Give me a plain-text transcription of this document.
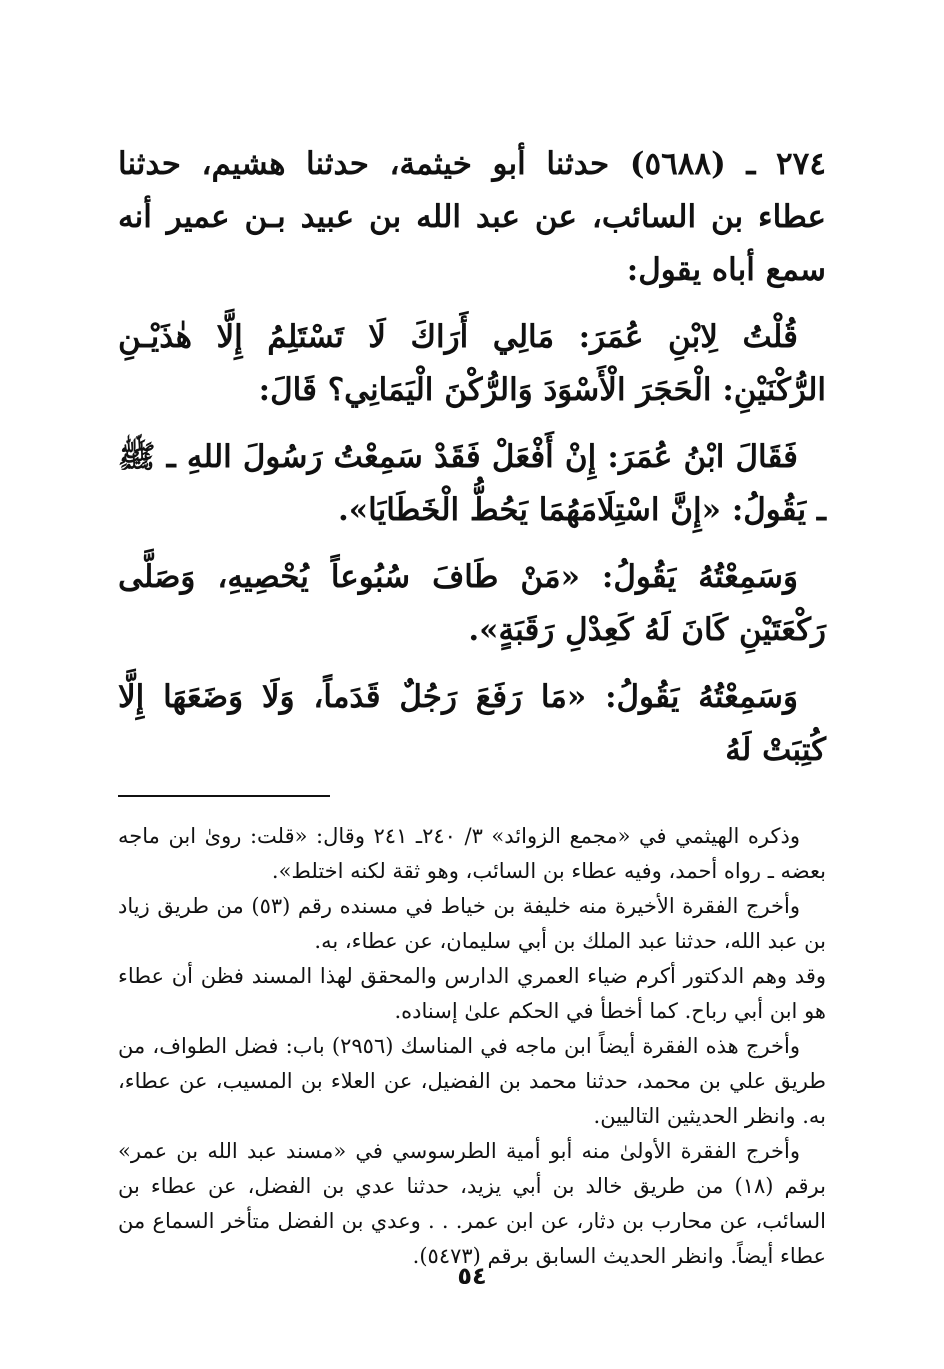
٢٧٤ ـ (٥٦٨٨) حدثنا أبو خيثمة، حدثنا هشيم، حدثنا عطاء بن السائب، عن عبد الله بن عبيد بـن عمير أنه سمع أباه يقول:

قُلْتُ لِابْنِ عُمَرَ: مَالِي أَرَاكَ لَا تَسْتَلِمُ إِلَّا هٰذَيْـنِ الرُّكْنَيْنِ: الْحَجَرَ الْأَسْوَدَ وَالرُّكْنَ الْيَمَانِي؟ قَالَ:

فَقَالَ ابْنُ عُمَرَ: إِنْ أَفْعَلْ فَقَدْ سَمِعْتُ رَسُولَ اللهِ ـ ﷺ ـ يَقُولُ: «إِنَّ اسْتِلَامَهُمَا يَحُطُّ الْخَطَايَا».

وَسَمِعْتُهُ يَقُولُ: «مَنْ طَافَ سُبُوعاً يُحْصِيهِ، وَصَلَّى رَكْعَتَيْنِ كَانَ لَهُ كَعِدْلِ رَقَبَةٍ».

وَسَمِعْتُهُ يَقُولُ: «مَا رَفَعَ رَجُلٌ قَدَماً، وَلَا وَضَعَهَا إِلَّا كُتِبَتْ لَهُ

وذكره الهيثمي في «مجمع الزوائد» ٣/ ٢٤٠ـ ٢٤١ وقال: «قلت: روىٰ ابن ماجه بعضه ـ رواه أحمد، وفيه عطاء بن السائب، وهو ثقة لكنه اختلط».

وأخرج الفقرة الأخيرة منه خليفة بن خياط في مسنده رقم (٥٣) من طريق زياد بن عبد الله، حدثنا عبد الملك بن أبي سليمان، عن عطاء، به.

وقد وهم الدكتور أكرم ضياء العمري الدارس والمحقق لهذا المسند فظن أن عطاء هو ابن أبي رباح. كما أخطأ في الحكم علىٰ إسناده.

وأخرج هذه الفقرة أيضاً ابن ماجه في المناسك (٢٩٥٦) باب: فضل الطواف، من طريق علي بن محمد، حدثنا محمد بن الفضيل، عن العلاء بن المسيب، عن عطاء، به. وانظر الحديثين التاليين.

وأخرج الفقرة الأولىٰ منه أبو أمية الطرسوسي في «مسند عبد الله بن عمر» برقم (١٨) من طريق خالد بن أبي يزيد، حدثنا عدي بن الفضل، عن عطاء بن السائب، عن محارب بن دثار، عن ابن عمر. . . وعدي بن الفضل متأخر السماع من عطاء أيضاً. وانظر الحديث السابق برقم (٥٤٧٣).

٥٤
